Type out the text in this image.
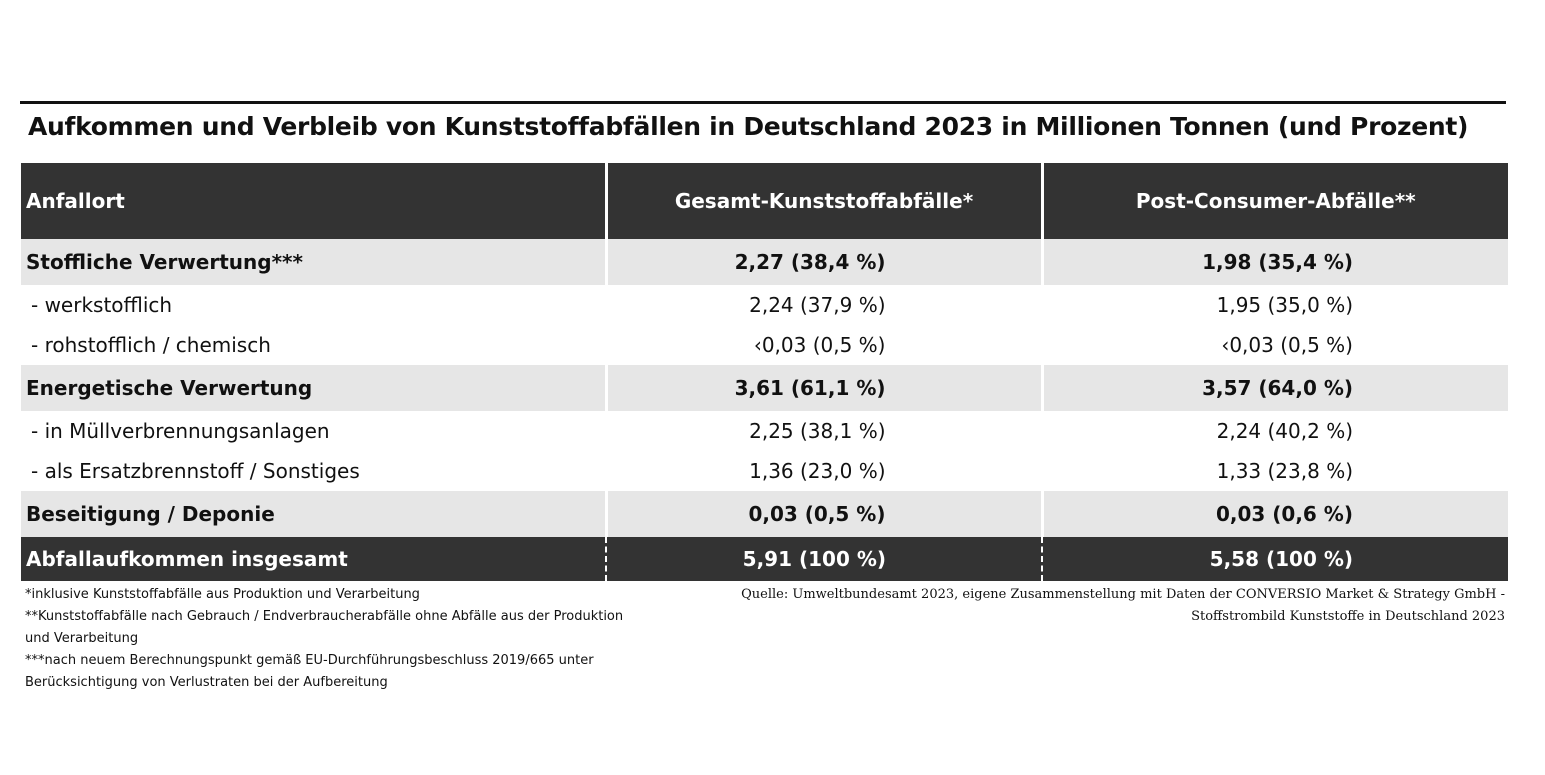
Aufkommen und Verbleib von Kunststoffabfällen in Deutschland 2023 in Millionen Tonnen (und Prozent)
Anfallort	Gesamt-Kunststoffabfälle*	Post-Consumer-Abfälle**
Stoffliche Verwertung***	2,27 (38,4 %)	1,98 (35,4 %)
- werkstofflich	2,24 (37,9 %)	1,95 (35,0 %)
- rohstofflich / chemisch	‹0,03 (0,5 %)	‹0,03 (0,5 %)
Energetische Verwertung	3,61 (61,1 %)	3,57 (64,0 %)
- in Müllverbrennungsanlagen	2,25 (38,1 %)	2,24 (40,2 %)
- als Ersatzbrennstoff / Sonstiges	1,36 (23,0 %)	1,33 (23,8 %)
Beseitigung / Deponie	0,03 (0,5 %)	0,03 (0,6 %)
Abfallaufkommen insgesamt	5,91 (100 %)	5,58 (100 %)
*inklusive Kunststoffabfälle aus Produktion und Verarbeitung
**Kunststoffabfälle nach Gebrauch / Endverbraucherabfälle ohne Abfälle aus der Produktion und Verarbeitung
***nach neuem Berechnungspunkt gemäß EU-Durchführungsbeschluss 2019/665 unter Berücksichtigung von Verlustraten bei der Aufbereitung
Quelle: Umweltbundesamt 2023, eigene Zusammenstellung mit Daten der CONVERSIO Market & Strategy GmbH - Stoffstrombild Kunststoffe in Deutschland 2023
